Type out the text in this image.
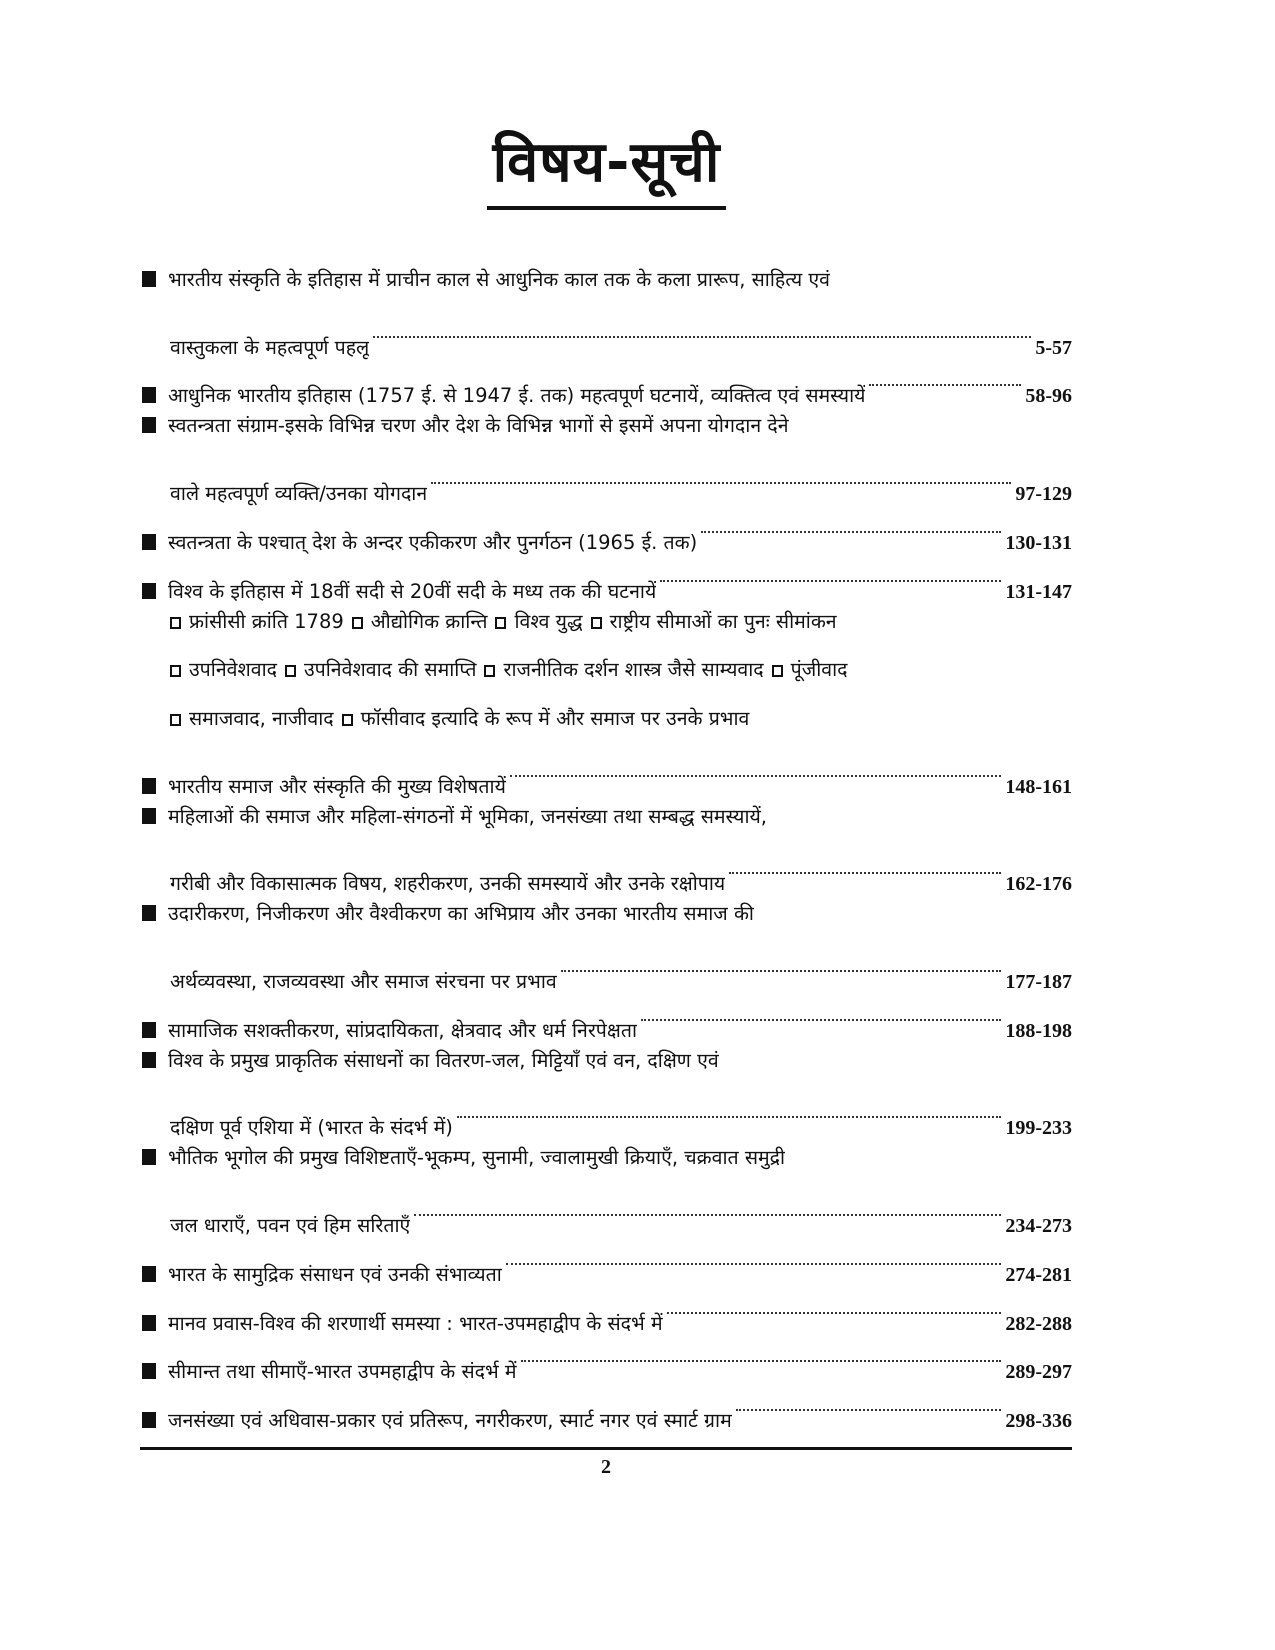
विषय-सूची
भारतीय संस्कृति के इतिहास में प्राचीन काल से आधुनिक काल तक के कला प्रारूप, साहित्य एवं
वास्तुकला के महत्वपूर्ण पहलू	5-57
आधुनिक भारतीय इतिहास (1757 ई. से 1947 ई. तक) महत्वपूर्ण घटनायें, व्यक्तित्व एवं समस्यायें	58-96
स्वतन्त्रता संग्राम-इसके विभिन्न चरण और देश के विभिन्न भागों से इसमें अपना योगदान देने
वाले महत्वपूर्ण व्यक्ति/उनका योगदान	97-129
स्वतन्त्रता के पश्चात् देश के अन्दर एकीकरण और पुनर्गठन (1965 ई. तक)	130-131
विश्व के इतिहास में 18वीं सदी से 20वीं सदी के मध्य तक की घटनायें	131-147
फ्रांसीसी क्रांति 1789 औद्योगिक क्रान्ति विश्व युद्ध राष्ट्रीय सीमाओं का पुनः सीमांकन
उपनिवेशवाद उपनिवेशवाद की समाप्ति राजनीतिक दर्शन शास्त्र जैसे साम्यवाद पूंजीवाद
समाजवाद, नाजीवाद फॉसीवाद इत्यादि के रूप में और समाज पर उनके प्रभाव
भारतीय समाज और संस्कृति की मुख्य विशेषतायें	148-161
महिलाओं की समाज और महिला-संगठनों में भूमिका, जनसंख्या तथा सम्बद्ध समस्यायें,
गरीबी और विकासात्मक विषय, शहरीकरण, उनकी समस्यायें और उनके रक्षोपाय	162-176
उदारीकरण, निजीकरण और वैश्वीकरण का अभिप्राय और उनका भारतीय समाज की
अर्थव्यवस्था, राजव्यवस्था और समाज संरचना पर प्रभाव	177-187
सामाजिक सशक्तीकरण, सांप्रदायिकता, क्षेत्रवाद और धर्म निरपेक्षता	188-198
विश्व के प्रमुख प्राकृतिक संसाधनों का वितरण-जल, मिट्टियाँ एवं वन, दक्षिण एवं
दक्षिण पूर्व एशिया में (भारत के संदर्भ में)	199-233
भौतिक भूगोल की प्रमुख विशिष्टताएँ-भूकम्प, सुनामी, ज्वालामुखी क्रियाएँ, चक्रवात समुद्री
जल धाराएँ, पवन एवं हिम सरिताएँ	234-273
भारत के सामुद्रिक संसाधन एवं उनकी संभाव्यता	274-281
मानव प्रवास-विश्व की शरणार्थी समस्या : भारत-उपमहाद्वीप के संदर्भ में	282-288
सीमान्त तथा सीमाएँ-भारत उपमहाद्वीप के संदर्भ में	289-297
जनसंख्या एवं अधिवास-प्रकार एवं प्रतिरूप, नगरीकरण, स्मार्ट नगर एवं स्मार्ट ग्राम	298-336
2
